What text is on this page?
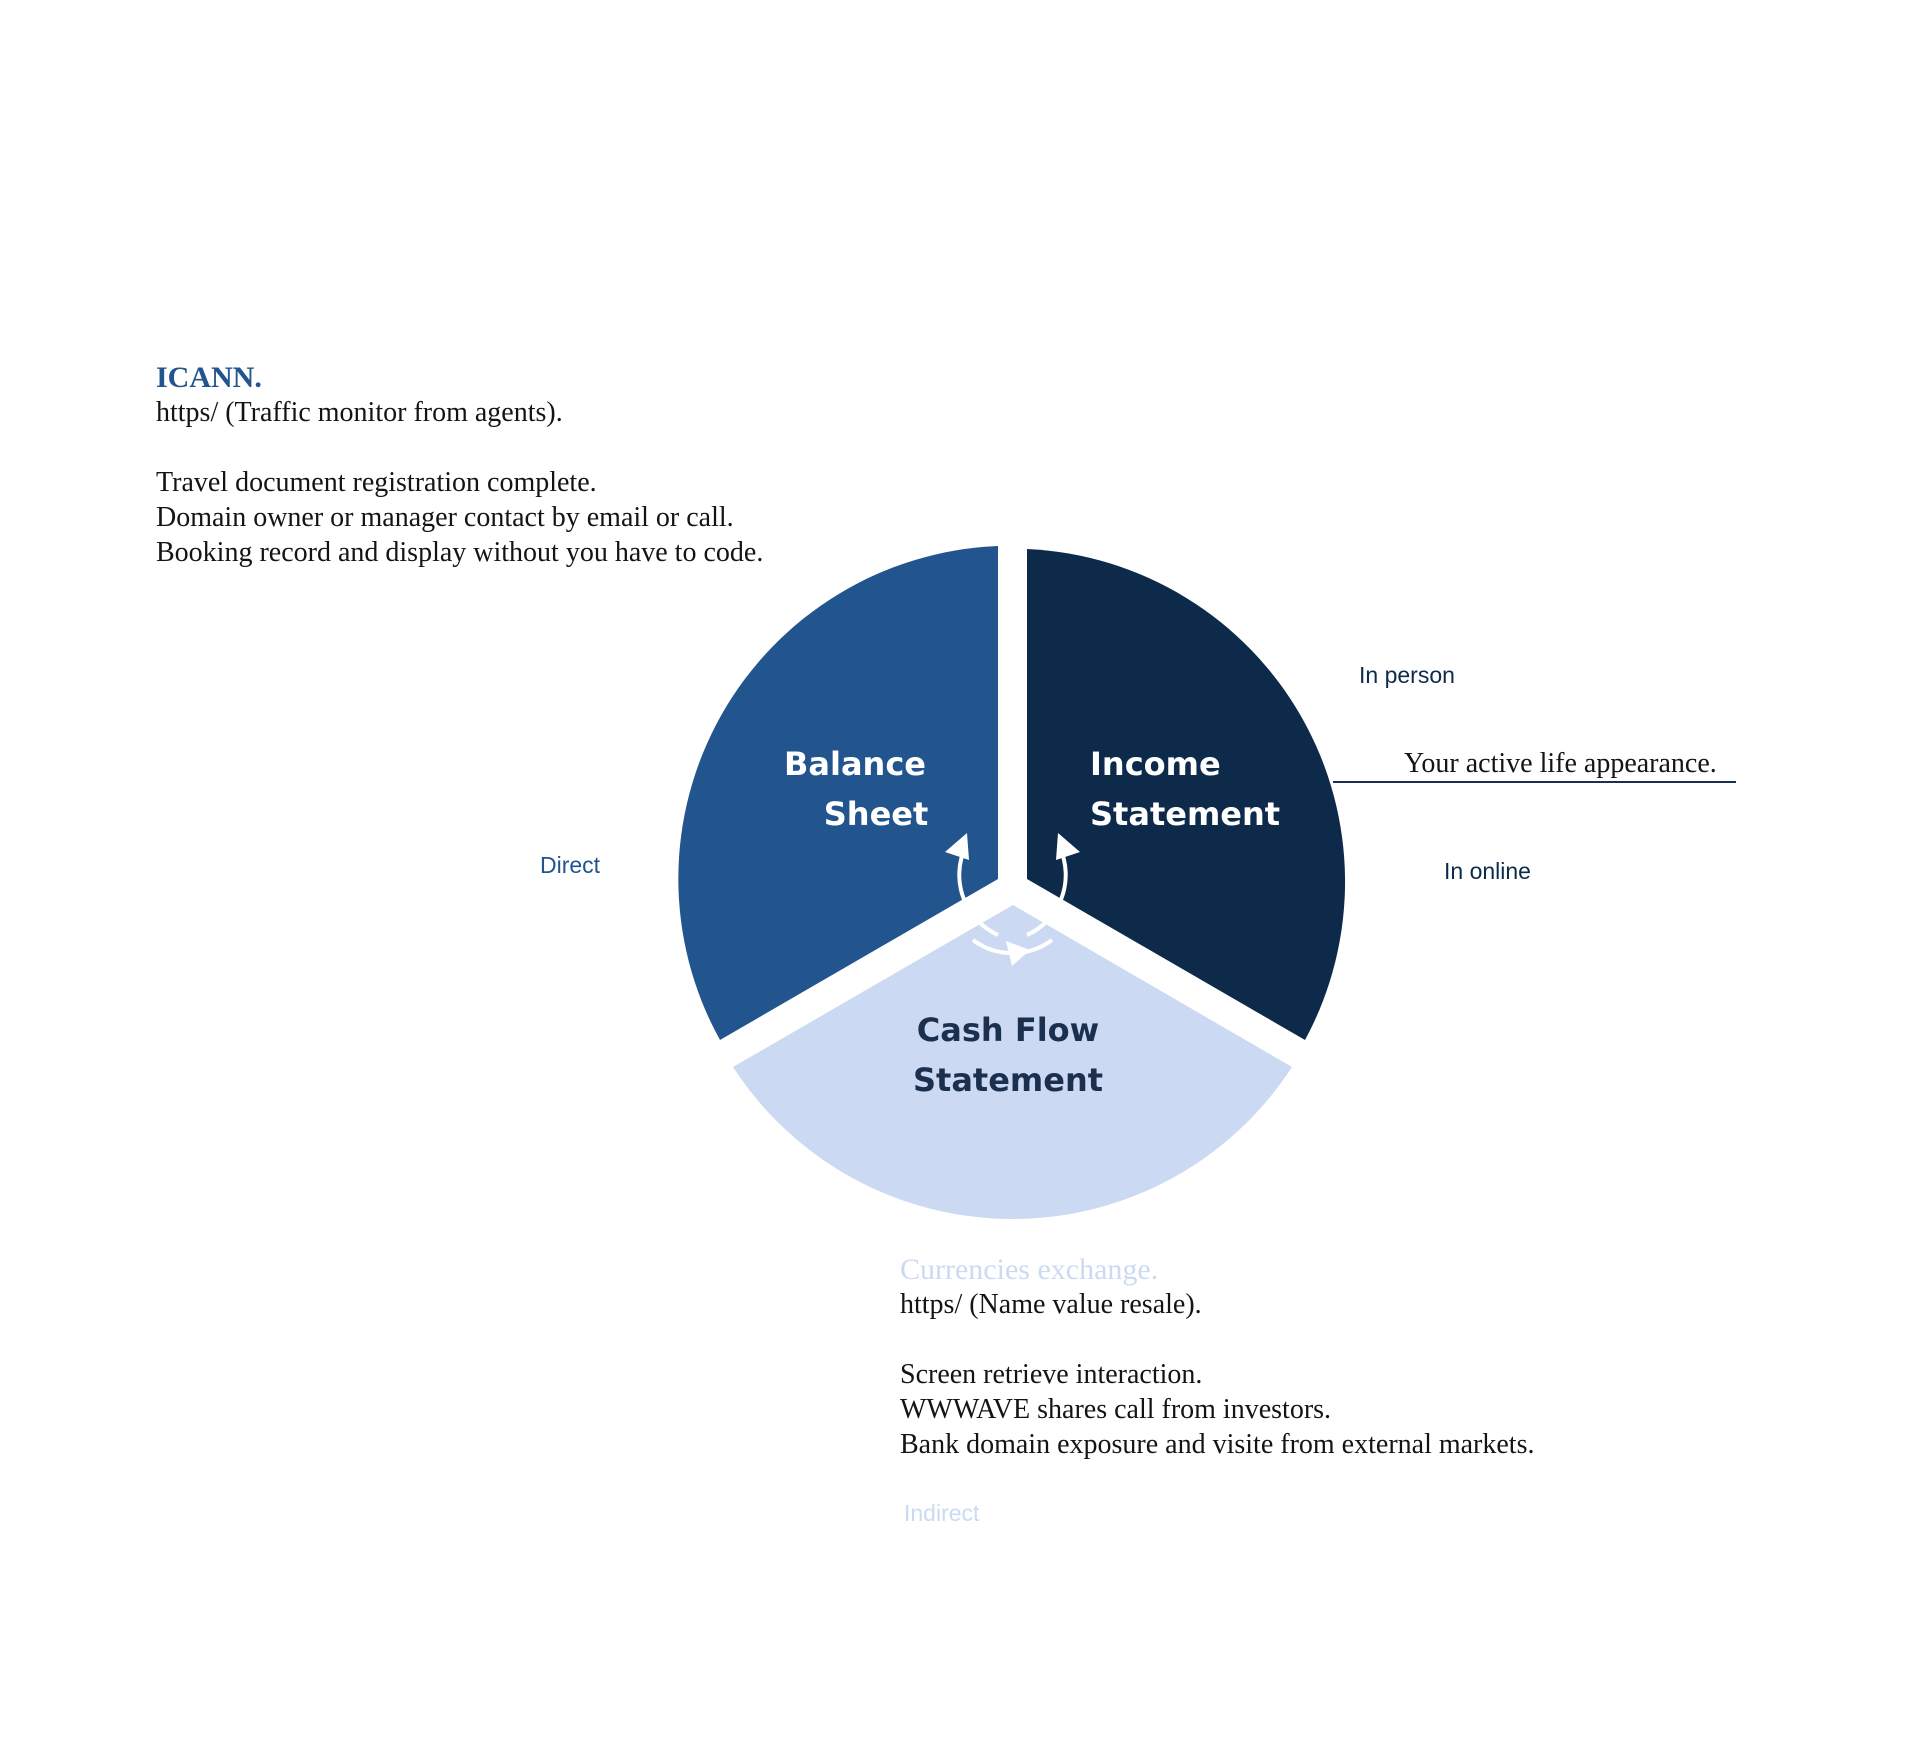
ICANN.
https/ (Traffic monitor from agents).
Travel document registration complete.
Domain owner or manager contact by email or call.
Booking record and display without you have to code.
Balance
Sheet
Income
Statement
Cash Flow
Statement
Direct
In person
In online
Indirect
Your active life appearance.
Currencies exchange.
https/ (Name value resale).
Screen retrieve interaction.
WWWAVE shares call from investors.
Bank domain exposure and visite from external markets.
